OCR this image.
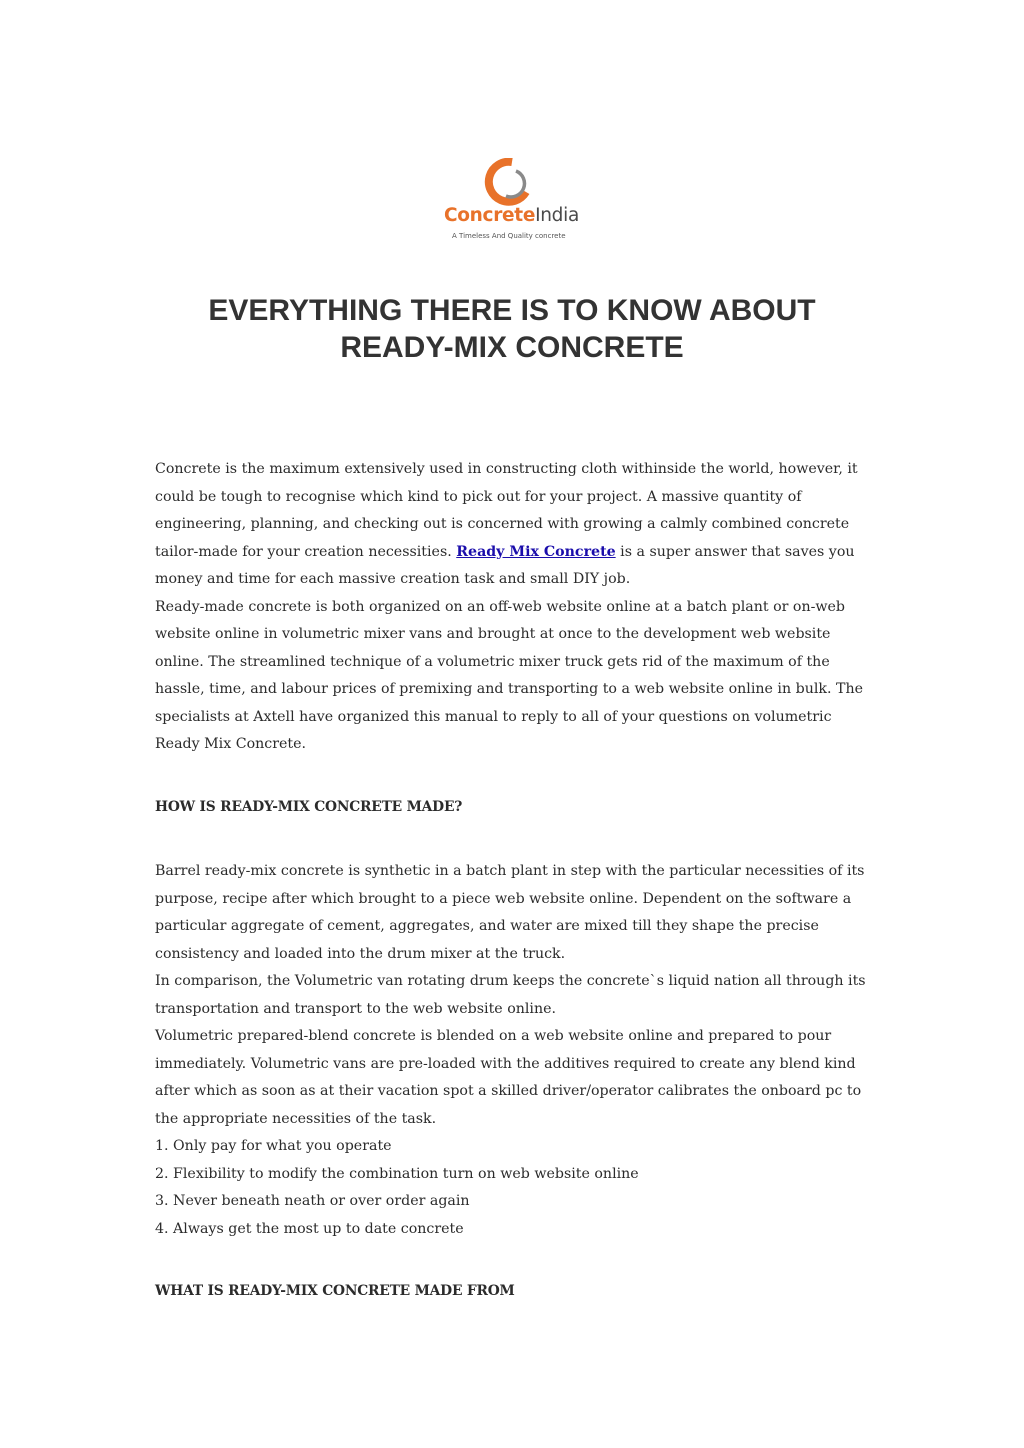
ConcreteIndia
A Timeless And Quality concrete
EVERYTHING THERE IS TO KNOW ABOUT
READY-MIX CONCRETE

Concrete is the maximum extensively used in constructing cloth withinside the world, however, it could be tough to recognise which kind to pick out for your project. A massive quantity of engineering, planning, and checking out is concerned with growing a calmly combined concrete tailor-made for your creation necessities. Ready Mix Concrete is a super answer that saves you money and time for each massive creation task and small DIY job.

Ready-made concrete is both organized on an off-web website online at a batch plant or on-web website online in volumetric mixer vans and brought at once to the development web website online. The streamlined technique of a volumetric mixer truck gets rid of the maximum of the hassle, time, and labour prices of premixing and transporting to a web website online in bulk. The specialists at Axtell have organized this manual to reply to all of your questions on volumetric Ready Mix Concrete.

HOW IS READY-MIX CONCRETE MADE?

Barrel ready-mix concrete is synthetic in a batch plant in step with the particular necessities of its purpose, recipe after which brought to a piece web website online. Dependent on the software a particular aggregate of cement, aggregates, and water are mixed till they shape the precise consistency and loaded into the drum mixer at the truck.

In comparison, the Volumetric van rotating drum keeps the concrete`s liquid nation all through its transportation and transport to the web website online.

Volumetric prepared-blend concrete is blended on a web website online and prepared to pour immediately. Volumetric vans are pre-loaded with the additives required to create any blend kind after which as soon as at their vacation spot a skilled driver/operator calibrates the onboard pc to the appropriate necessities of the task.

1. Only pay for what you operate

2. Flexibility to modify the combination turn on web website online

3. Never beneath neath or over order again

4. Always get the most up to date concrete

WHAT IS READY-MIX CONCRETE MADE FROM
